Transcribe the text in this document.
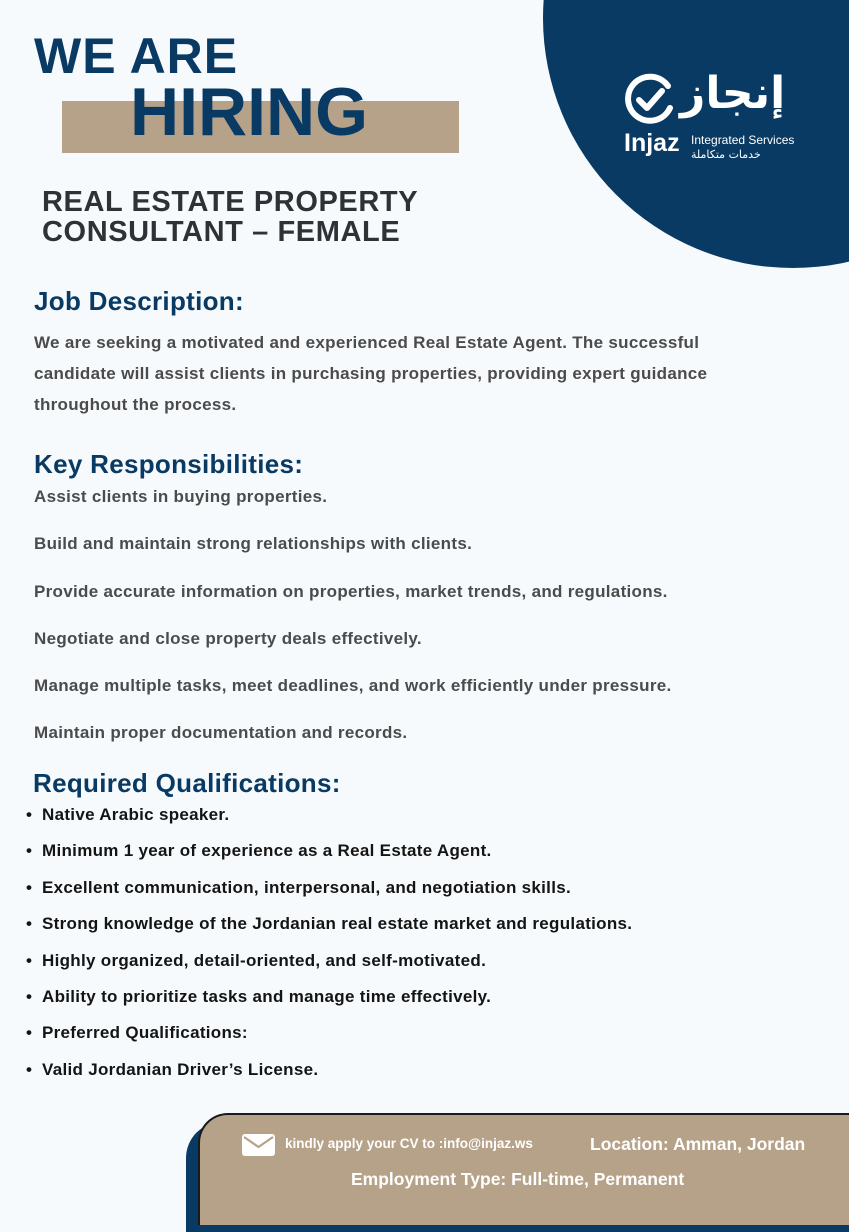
إنجاز
Injaz Integrated Services
خدمات متكاملة
WE ARE
HIRING
REAL ESTATE PROPERTY
CONSULTANT – FEMALE
Job Description:

We are seeking a motivated and experienced Real Estate Agent. The successful candidate will assist clients in purchasing properties, providing expert guidance throughout the process.

Key Responsibilities:
Assist clients in buying properties.
Build and maintain strong relationships with clients.
Provide accurate information on properties, market trends, and regulations.
Negotiate and close property deals effectively.
Manage multiple tasks, meet deadlines, and work efficiently under pressure.
Maintain proper documentation and records.
Required Qualifications:
• Native Arabic speaker.
• Minimum 1 year of experience as a Real Estate Agent.
• Excellent communication, interpersonal, and negotiation skills.
• Strong knowledge of the Jordanian real estate market and regulations.
• Highly organized, detail-oriented, and self-motivated.
• Ability to prioritize tasks and manage time effectively.
• Preferred Qualifications:
• Valid Jordanian Driver’s License.
kindly apply your CV to :info@injaz.ws	Location: Amman, Jordan
Employment Type: Full-time, Permanent
